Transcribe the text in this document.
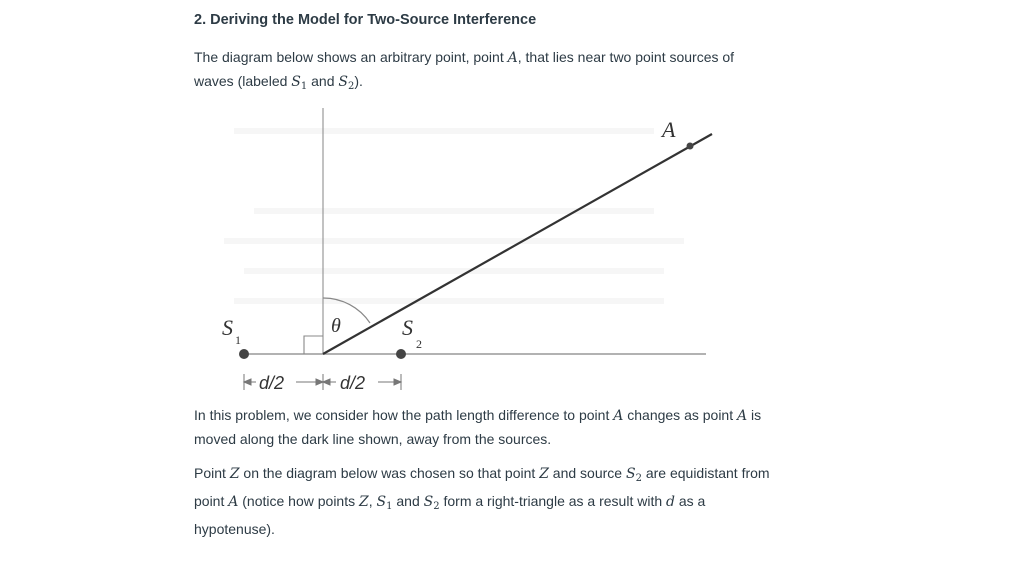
2. Deriving the Model for Two-Source Interference
The diagram below shows an arbitrary point, point A, that lies near two point sources of waves (labeled $S_1$ and $S_2$).
A
θ
S 1	S
2
d/2	d/2
In this problem, we consider how the path length difference to point A changes as point A is moved along the dark line shown, away from the sources.
Point Z on the diagram below was chosen so that point Z and source $S_2$ are equidistant from point A (notice how points Z, $S_1$ and $S_2$ form a right-triangle as a result with d as a hypotenuse).
